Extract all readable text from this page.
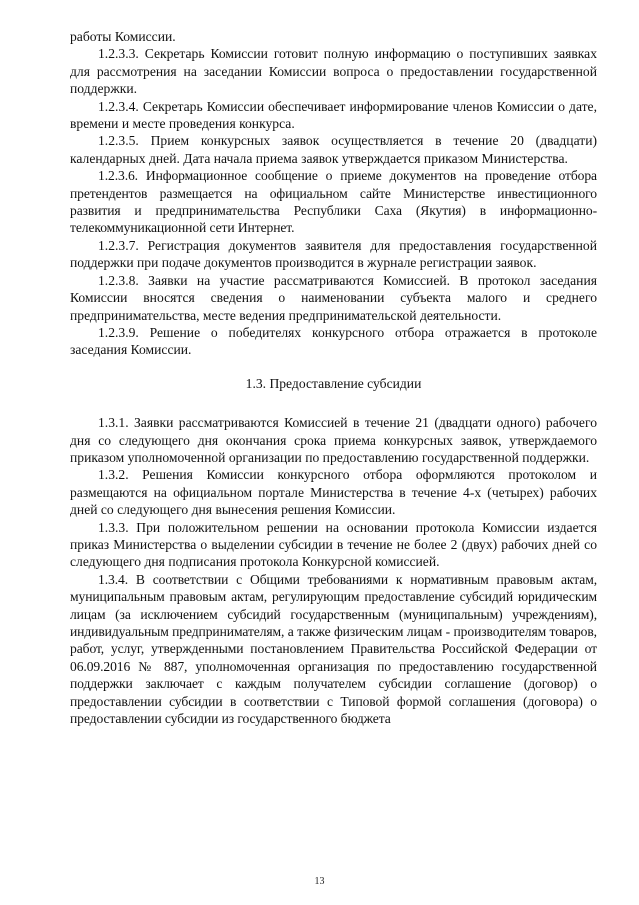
работы Комиссии.

1.2.3.3. Секретарь Комиссии готовит полную информацию о поступивших заявках для рассмотрения на заседании Комиссии вопроса о предоставлении государственной поддержки.

1.2.3.4. Секретарь Комиссии обеспечивает информирование членов Комиссии о дате, времени и месте проведения конкурса.

1.2.3.5. Прием конкурсных заявок осуществляется в течение 20 (двадцати) календарных дней. Дата начала приема заявок утверждается приказом Министерства.

1.2.3.6. Информационное сообщение о приеме документов на проведение отбора претендентов размещается на официальном сайте Министерстве инвестиционного развития и предпринимательства Республики Саха (Якутия) в информационно-телекоммуникационной сети Интернет.

1.2.3.7. Регистрация документов заявителя для предоставления государственной поддержки при подаче документов производится в журнале регистрации заявок.

1.2.3.8. Заявки на участие рассматриваются Комиссией. В протокол заседания Комиссии вносятся сведения о наименовании субъекта малого и среднего предпринимательства, месте ведения предпринимательской деятельности.

1.2.3.9. Решение о победителях конкурсного отбора отражается в протоколе заседания Комиссии.

1.3. Предоставление субсидии

1.3.1. Заявки рассматриваются Комиссией в течение 21 (двадцати одного) рабочего дня со следующего дня окончания срока приема конкурсных заявок, утверждаемого приказом уполномоченной организации по предоставлению государственной поддержки.

1.3.2. Решения Комиссии конкурсного отбора оформляются протоколом и размещаются на официальном портале Министерства в течение 4-х (четырех) рабочих дней со следующего дня вынесения решения Комиссии.

1.3.3. При положительном решении на основании протокола Комиссии издается приказ Министерства о выделении субсидии в течение не более 2 (двух) рабочих дней со следующего дня подписания протокола Конкурсной комиссией.

1.3.4. В соответствии с Общими требованиями к нормативным правовым актам, муниципальным правовым актам, регулирующим предоставление субсидий юридическим лицам (за исключением субсидий государственным (муниципальным) учреждениям), индивидуальным предпринимателям, а также физическим лицам - производителям товаров, работ, услуг, утвержденными постановлением Правительства Российской Федерации от 06.09.2016 № 887, уполномоченная организация по предоставлению государственной поддержки заключает с каждым получателем субсидии соглашение (договор) о предоставлении субсидии в соответствии с Типовой формой соглашения (договора) о предоставлении субсидии из государственного бюджета

13
